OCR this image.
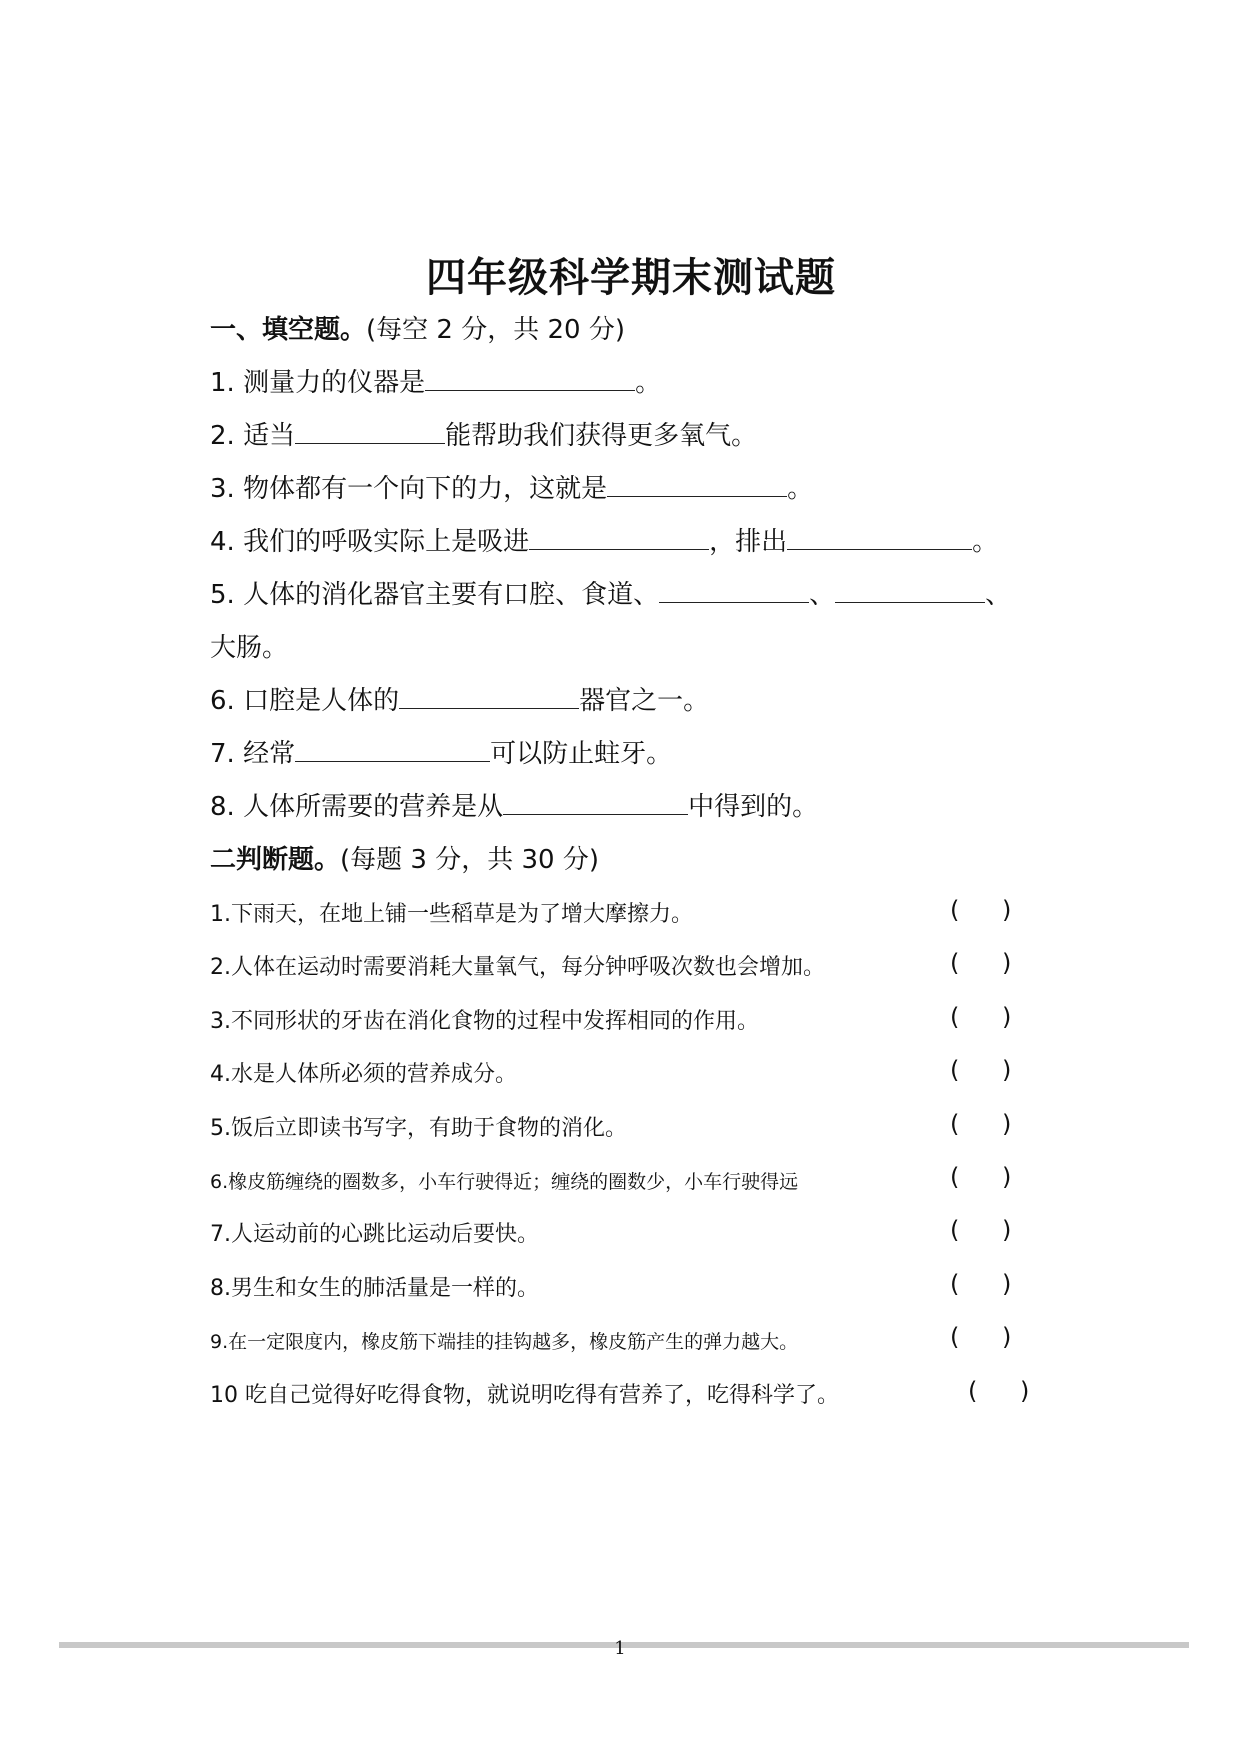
四年级科学期末测试题
一、填空题。(每空 2 分，共 20 分)
1. 测量力的仪器是	。
2. 适当	能帮助我们获得更多氧气。
3. 物体都有一个向下的力，这就是	。
4. 我们的呼吸实际上是吸进	，排出	。
5. 人体的消化器官主要有口腔、食道、	、	、
大肠。
6. 口腔是人体的	器官之一。
7. 经常	可以防止蛀牙。
8. 人体所需要的营养是从	中得到的。
二判断题。(每题 3 分，共 30 分)
1.下雨天，在地上铺一些稻草是为了增大摩擦力。	( )
2.人体在运动时需要消耗大量氧气，每分钟呼吸次数也会增加。	( )
3.不同形状的牙齿在消化食物的过程中发挥相同的作用。	( )
4.水是人体所必须的营养成分。	( )
5.饭后立即读书写字，有助于食物的消化。	( )
6.橡皮筋缠绕的圈数多，小车行驶得近；缠绕的圈数少，小车行驶得远	( )
7.人运动前的心跳比运动后要快。	( )
8.男生和女生的肺活量是一样的。	( )
9.在一定限度内，橡皮筋下端挂的挂钩越多，橡皮筋产生的弹力越大。	( )
10 吃自己觉得好吃得食物，就说明吃得有营养了，吃得科学了。	( )
1
